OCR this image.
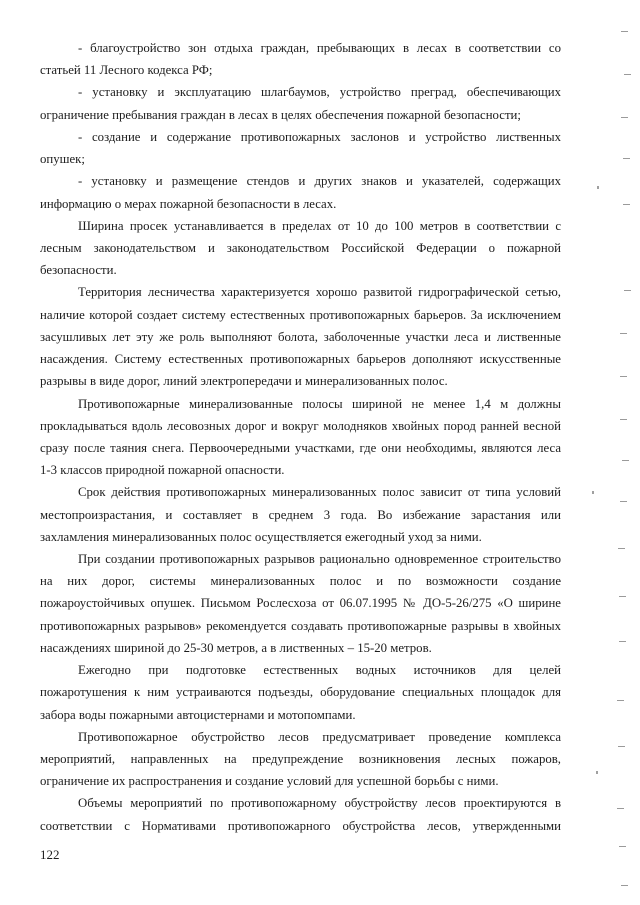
- благоустройство зон отдыха граждан, пребывающих в лесах в соответствии со
статьей 11 Лесного кодекса РФ;
- установку и эксплуатацию шлагбаумов, устройство преград, обеспечивающих
ограничение пребывания граждан в лесах в целях обеспечения пожарной безопасности;
- создание и содержание противопожарных заслонов и устройство лиственных
опушек;
- установку и размещение стендов и других знаков и указателей, содержащих
информацию о мерах пожарной безопасности в лесах.
Ширина просек устанавливается в пределах от 10 до 100 метров в соответствии с
лесным законодательством и законодательством Российской Федерации о пожарной
безопасности.
Территория лесничества характеризуется хорошо развитой гидрографической сетью,
наличие которой создает систему естественных противопожарных барьеров. За исключением
засушливых лет эту же роль выполняют болота, заболоченные участки леса и лиственные
насаждения. Систему естественных противопожарных барьеров дополняют искусственные
разрывы в виде дорог, линий электропередачи и минерализованных полос.
Противопожарные минерализованные полосы шириной не менее 1,4 м должны
прокладываться вдоль лесовозных дорог и вокруг молодняков хвойных пород ранней весной
сразу после таяния снега. Первоочередными участками, где они необходимы, являются леса
1-3 классов природной пожарной опасности.
Срок действия противопожарных минерализованных полос зависит от типа условий
местопроизрастания, и составляет в среднем 3 года. Во избежание зарастания или
захламления минерализованных полос осуществляется ежегодный уход за ними.
При создании противопожарных разрывов рационально одновременное строительство
на них дорог, системы минерализованных полос и по возможности создание
пожароустойчивых опушек. Письмом Рослесхоза от 06.07.1995 № ДО-5-26/275 «О ширине
противопожарных разрывов» рекомендуется создавать противопожарные разрывы в хвойных
насаждениях шириной до 25-30 метров, а в лиственных – 15-20 метров.
Ежегодно при подготовке естественных водных источников для целей
пожаротушения к ним устраиваются подъезды, оборудование специальных площадок для
забора воды пожарными автоцистернами и мотопомпами.
Противопожарное обустройство лесов предусматривает проведение комплекса
мероприятий, направленных на предупреждение возникновения лесных пожаров,
ограничение их распространения и создание условий для успешной борьбы с ними.
Объемы мероприятий по противопожарному обустройству лесов проектируются в
соответствии с Нормативами противопожарного обустройства лесов, утвержденными
122
